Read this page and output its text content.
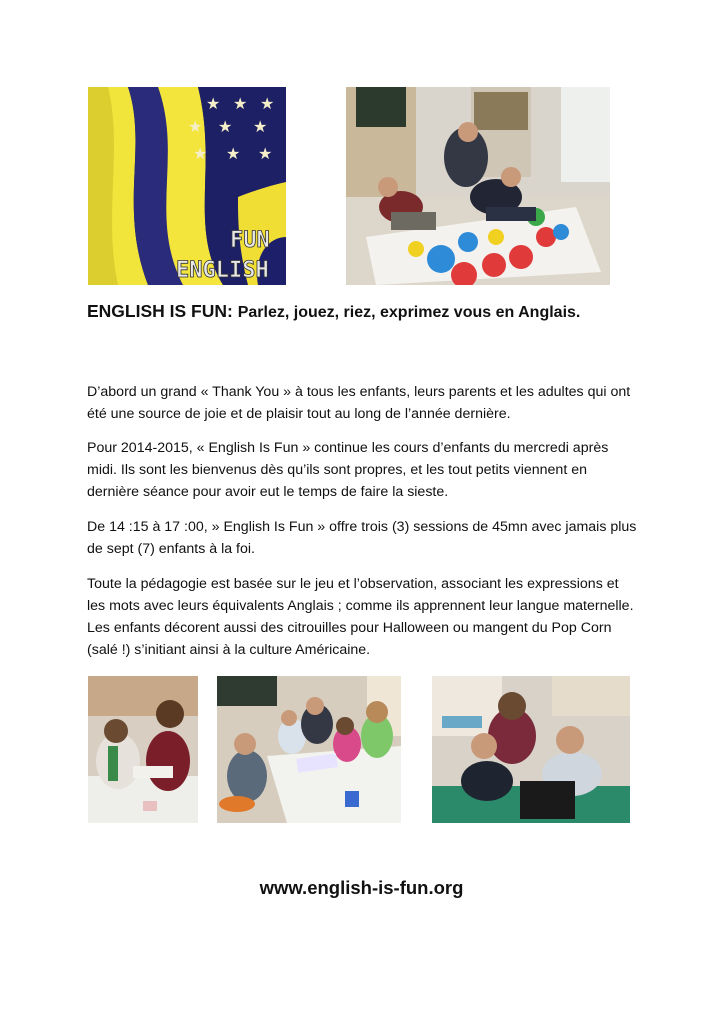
★ ★ ★
★ ★ ★
★ ★ ★
FUN
ENGLISH
ENGLISH IS FUN: Parlez, jouez, riez, exprimez vous en Anglais.

D’abord un grand « Thank You » à tous les enfants, leurs parents et les adultes qui ont été une source de joie et de plaisir tout au long de l’année dernière.

Pour 2014-2015, « English Is Fun » continue les cours d’enfants du mercredi après midi. Ils sont les bienvenus dès qu’ils sont propres, et les tout petits viennent en dernière séance pour avoir eut le temps de faire la sieste.

De 14 :15 à 17 :00, » English Is Fun » offre trois (3) sessions de 45mn avec jamais plus de sept (7) enfants à la foi.

Toute la pédagogie est basée sur le jeu et l’observation, associant les expressions et les mots avec leurs équivalents Anglais ; comme ils apprennent leur langue maternelle. Les enfants décorent aussi des citrouilles pour Halloween ou mangent du Pop Corn (salé !) s’initiant ainsi à la culture Américaine.

www.english-is-fun.org
